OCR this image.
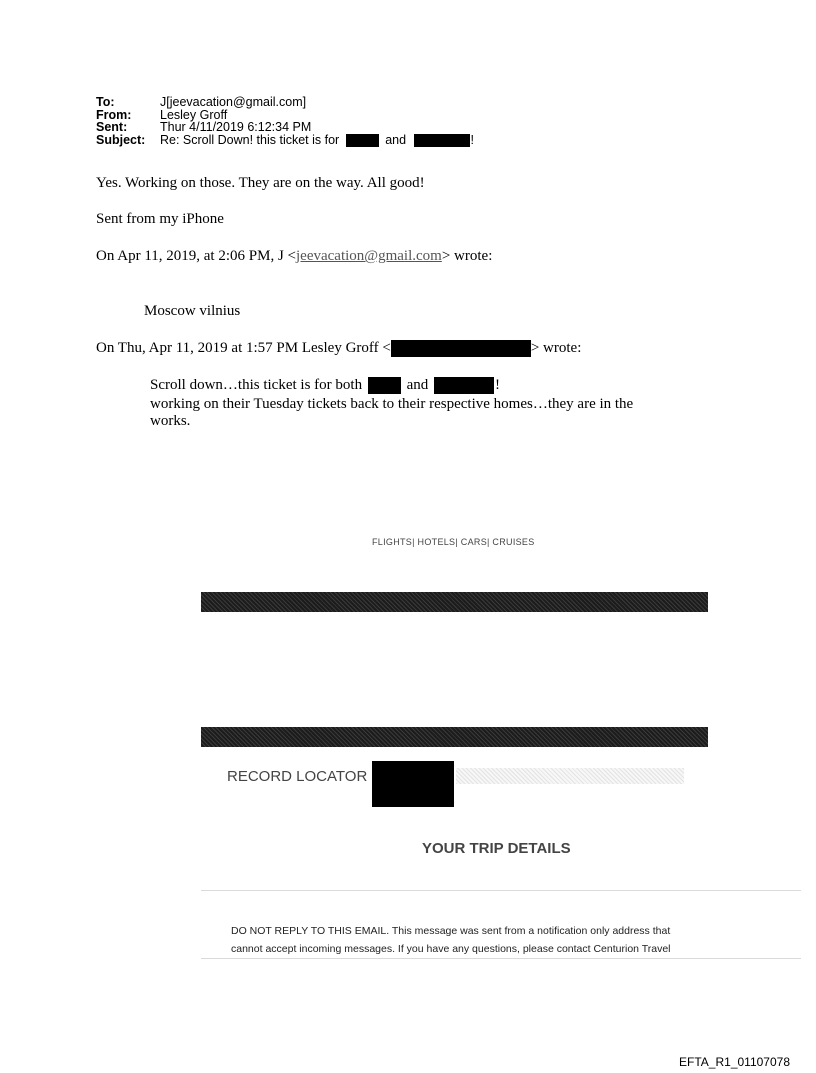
To:	J[jeevacation@gmail.com]
From:	Lesley Groff
Sent:	Thur 4/11/2019 6:12:34 PM
Subject:	Re: Scroll Down! this ticket is for	and	!
Yes. Working on those. They are on the way. All good!
Sent from my iPhone
On Apr 11, 2019, at 2:06 PM, J <jeevacation@gmail.com> wrote:
Moscow vilnius
On Thu, Apr 11, 2019 at 1:57 PM Lesley Groff <	> wrote:
Scroll down…this ticket is for both	and	!
working on their Tuesday tickets back to their respective homes…they are in the
works.
FLIGHTS| HOTELS| CARS| CRUISES
RECORD LOCATOR
YOUR TRIP DETAILS
DO NOT REPLY TO THIS EMAIL. This message was sent from a notification only address that
cannot accept incoming messages. If you have any questions, please contact Centurion Travel
EFTA_R1_01107078
